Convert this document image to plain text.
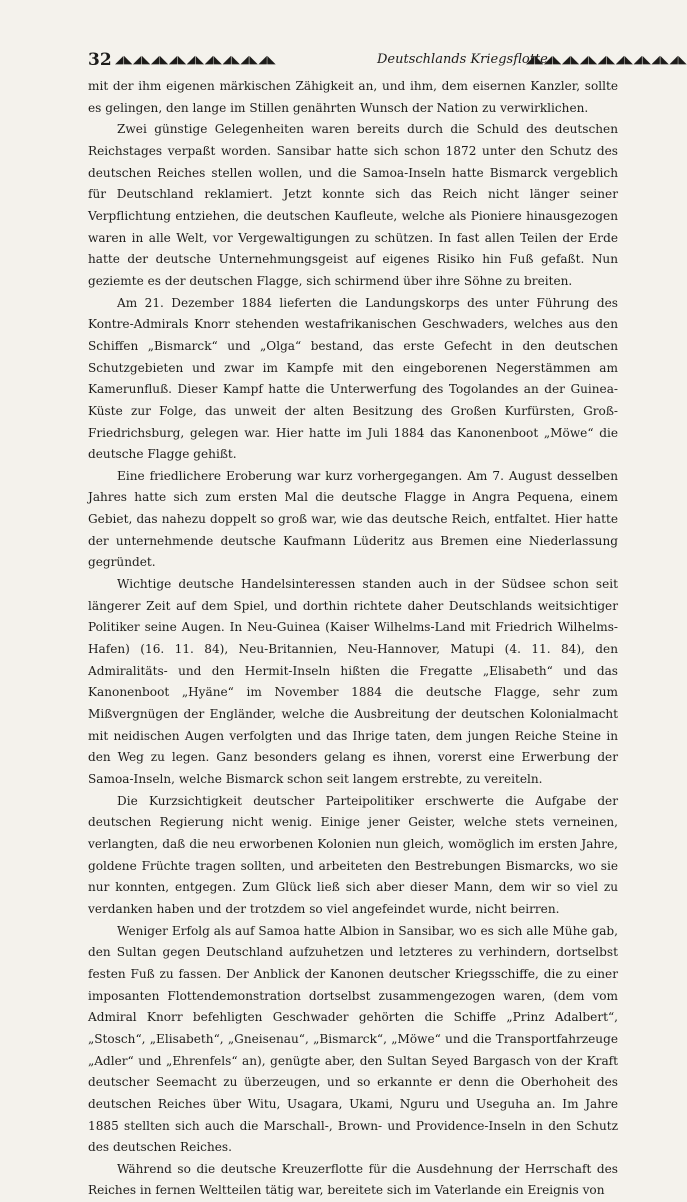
32 ◢◣◢◣◢◣◢◣◢◣◢◣◢◣◢◣◢◣	Deutschlands Kriegsflotte.
◢◣◢◣◢◣◢◣◢◣◢◣◢◣◢◣◢◣

mit der ihm eigenen märkischen Zähigkeit an, und ihm, dem eisernen Kanzler, sollte es gelingen, den lange im Stillen genährten Wunsch der Nation zu verwirklichen.

Zwei günstige Gelegenheiten waren bereits durch die Schuld des deutschen Reichstages verpaßt worden. Sansibar hatte sich schon 1872 unter den Schutz des deutschen Reiches stellen wollen, und die Samoa-Inseln hatte Bismarck vergeblich für Deutschland reklamiert. Jetzt konnte sich das Reich nicht länger seiner Verpflichtung entziehen, die deutschen Kaufleute, welche als Pioniere hinausgezogen waren in alle Welt, vor Vergewaltigungen zu schützen. In fast allen Teilen der Erde hatte der deutsche Unternehmungsgeist auf eigenes Risiko hin Fuß gefaßt. Nun geziemte es der deutschen Flagge, sich schirmend über ihre Söhne zu breiten.

Am 21. Dezember 1884 lieferten die Landungskorps des unter Führung des Kontre-Admirals Knorr stehenden westafrikanischen Geschwaders, welches aus den Schiffen „Bismarck“ und „Olga“ bestand, das erste Gefecht in den deutschen Schutzgebieten und zwar im Kampfe mit den eingeborenen Negerstämmen am Kamerunfluß. Dieser Kampf hatte die Unterwerfung des Togolandes an der Guinea-Küste zur Folge, das unweit der alten Besitzung des Großen Kurfürsten, Groß-Friedrichsburg, gelegen war. Hier hatte im Juli 1884 das Kanonenboot „Möwe“ die deutsche Flagge gehißt.

Eine friedlichere Eroberung war kurz vorhergegangen. Am 7. August desselben Jahres hatte sich zum ersten Mal die deutsche Flagge in Angra Pequena, einem Gebiet, das nahezu doppelt so groß war, wie das deutsche Reich, entfaltet. Hier hatte der unternehmende deutsche Kaufmann Lüderitz aus Bremen eine Niederlassung gegründet.

Wichtige deutsche Handelsinteressen standen auch in der Südsee schon seit längerer Zeit auf dem Spiel, und dorthin richtete daher Deutschlands weitsichtiger Politiker seine Augen. In Neu-Guinea (Kaiser Wilhelms-Land mit Friedrich Wilhelms-Hafen) (16. 11. 84), Neu-Britannien, Neu-Hannover, Matupi (4. 11. 84), den Admiralitäts- und den Hermit-Inseln hißten die Fregatte „Elisabeth“ und das Kanonenboot „Hyäne“ im November 1884 die deutsche Flagge, sehr zum Mißvergnügen der Engländer, welche die Ausbreitung der deutschen Kolonialmacht mit neidischen Augen verfolgten und das Ihrige taten, dem jungen Reiche Steine in den Weg zu legen. Ganz besonders gelang es ihnen, vorerst eine Erwerbung der Samoa-Inseln, welche Bismarck schon seit langem erstrebte, zu vereiteln.

Die Kurzsichtigkeit deutscher Parteipolitiker erschwerte die Aufgabe der deutschen Regierung nicht wenig. Einige jener Geister, welche stets verneinen, verlangten, daß die neu erworbenen Kolonien nun gleich, womöglich im ersten Jahre, goldene Früchte tragen sollten, und arbeiteten den Bestrebungen Bismarcks, wo sie nur konnten, entgegen. Zum Glück ließ sich aber dieser Mann, dem wir so viel zu verdanken haben und der trotzdem so viel angefeindet wurde, nicht beirren.

Weniger Erfolg als auf Samoa hatte Albion in Sansibar, wo es sich alle Mühe gab, den Sultan gegen Deutschland aufzuhetzen und letzteres zu verhindern, dortselbst festen Fuß zu fassen. Der Anblick der Kanonen deutscher Kriegsschiffe, die zu einer imposanten Flottendemonstration dortselbst zusammengezogen waren, (dem vom Admiral Knorr befehligten Geschwader gehörten die Schiffe „Prinz Adalbert“, „Stosch“, „Elisabeth“, „Gneisenau“, „Bismarck“, „Möwe“ und die Transportfahrzeuge „Adler“ und „Ehrenfels“ an), genügte aber, den Sultan Seyed Bargasch von der Kraft deutscher Seemacht zu überzeugen, und so erkannte er denn die Oberhoheit des deutschen Reiches über Witu, Usagara, Ukami, Nguru und Useguha an. Im Jahre 1885 stellten sich auch die Marschall-, Brown- und Providence-Inseln in den Schutz des deutschen Reiches.

Während so die deutsche Kreuzerflotte für die Ausdehnung der Herrschaft des Reiches in fernen Weltteilen tätig war, bereitete sich im Vaterlande ein Ereignis von
